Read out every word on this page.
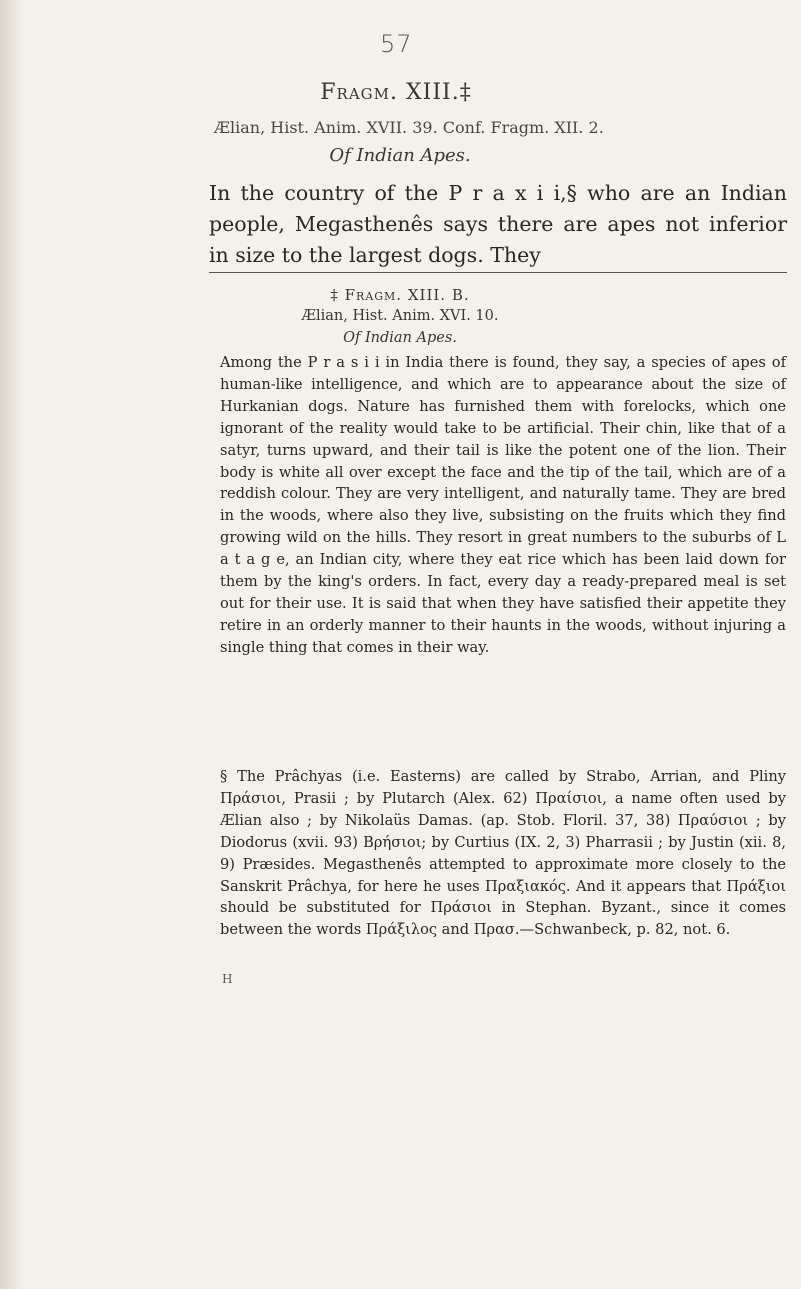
57
Fragm. XIII.‡
Ælian, Hist. Anim. XVII. 39. Conf. Fragm. XII. 2.
Of Indian Apes.

In the country of the P r a x i i,§ who are an Indian people, Megasthenês says there are apes not inferior in size to the largest dogs. They

‡ Fragm. XIII. B.
Ælian, Hist. Anim. XVI. 10.
Of Indian Apes.

Among the P r a s i i in India there is found, they say, a species of apes of human-like intelligence, and which are to appearance about the size of Hurkanian dogs. Nature has furnished them with forelocks, which one ignorant of the reality would take to be artificial. Their chin, like that of a satyr, turns upward, and their tail is like the potent one of the lion. Their body is white all over except the face and the tip of the tail, which are of a reddish colour. They are very intelligent, and naturally tame. They are bred in the woods, where also they live, subsisting on the fruits which they find growing wild on the hills. They resort in great numbers to the suburbs of L a t a g e, an Indian city, where they eat rice which has been laid down for them by the king's orders. In fact, every day a ready-prepared meal is set out for their use. It is said that when they have satisfied their appetite they retire in an orderly manner to their haunts in the woods, without injuring a single thing that comes in their way.

§ The Prâchyas (i.e. Easterns) are called by Strabo, Arrian, and Pliny Πράσιοι, Prasii ; by Plutarch (Alex. 62) Πραίσιοι, a name often used by Ælian also ; by Nikolaüs Damas. (ap. Stob. Floril. 37, 38) Πραύσιοι ; by Diodorus (xvii. 93) Βρήσιοι; by Curtius (IX. 2, 3) Pharrasii ; by Justin (xii. 8, 9) Præsides. Megasthenês attempted to approximate more closely to the Sanskrit Prâchya, for here he uses Πραξιακός. And it appears that Πράξιοι should be substituted for Πράσιοι in Stephan. Byzant., since it comes between the words Πράξιλος and Πρασ.—Schwanbeck, p. 82, not. 6.

H
